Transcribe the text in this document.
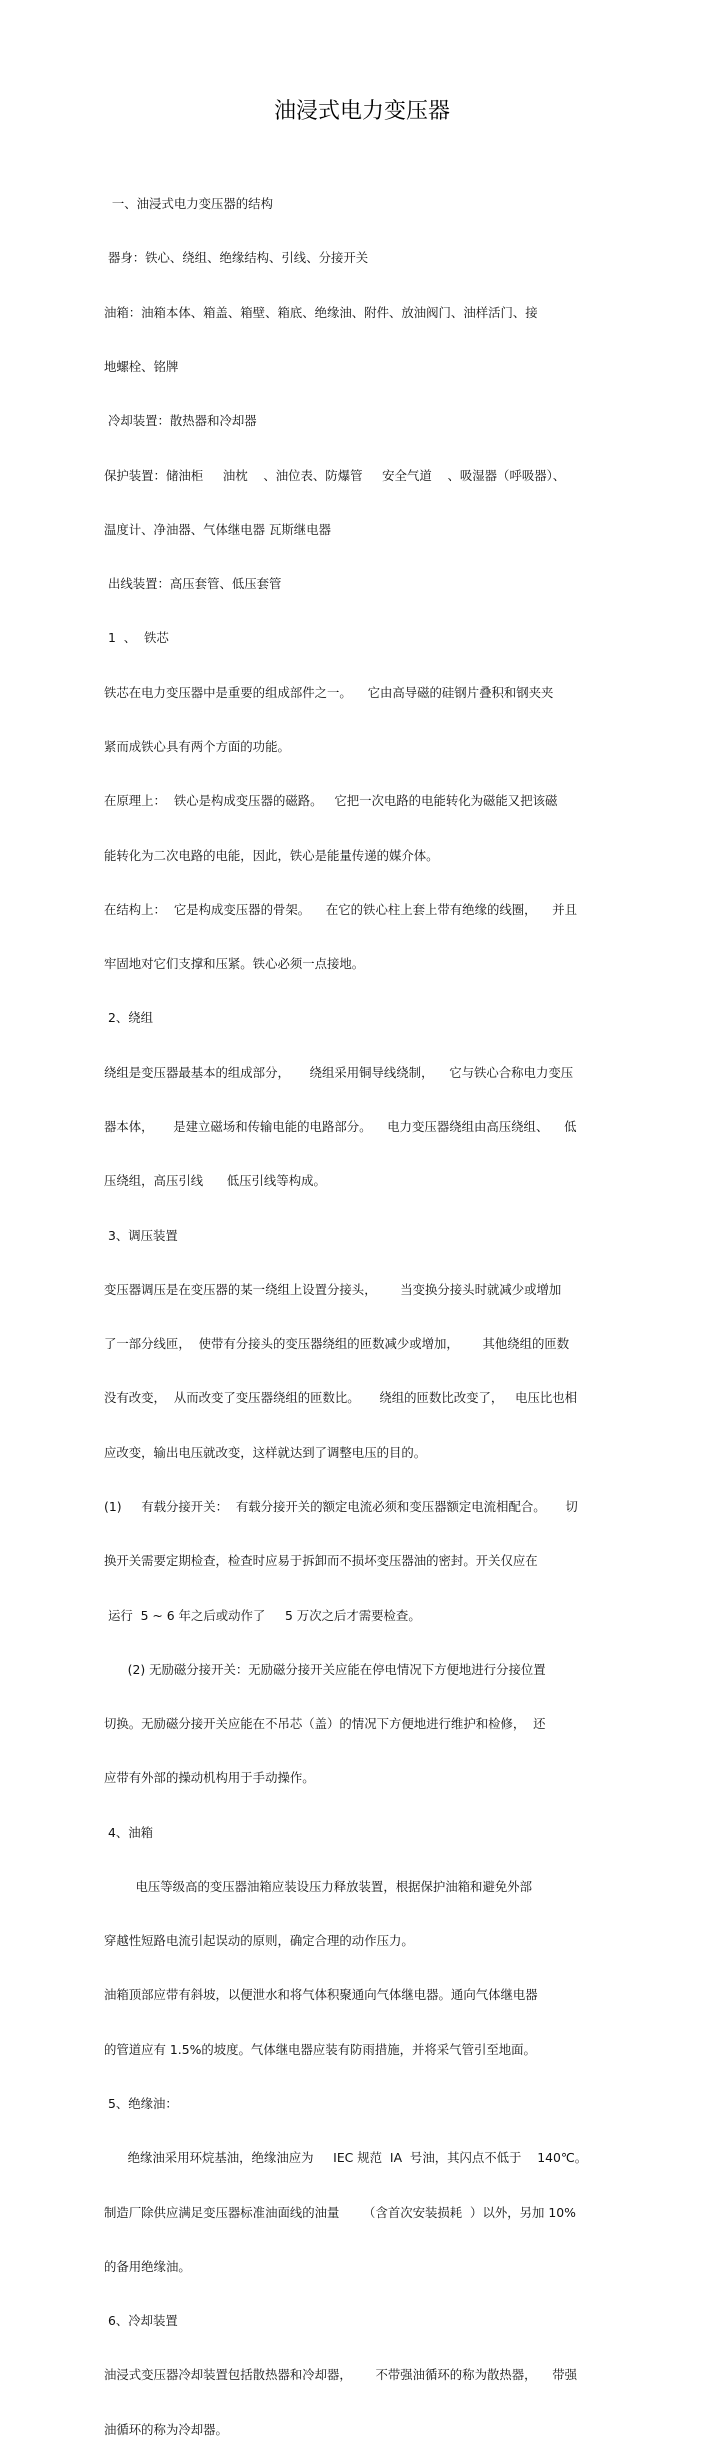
油浸式电力变压器

一、油浸式电力变压器的结构

器身：铁心、绕组、绝缘结构、引线、分接开关

油箱：油箱本体、箱盖、箱壁、箱底、绝缘油、附件、放油阀门、油样活门、接

地螺栓、铭牌

冷却装置：散热器和冷却器

保护装置：储油柜     油枕    、油位表、防爆管     安全气道    、吸湿器（呼吸器）、

温度计、净油器、气体继电器 瓦斯继电器

出线装置：高压套管、低压套管

1  、  铁芯

铁芯在电力变压器中是重要的组成部件之一。    它由高导磁的硅钢片叠积和钢夹夹

紧而成铁心具有两个方面的功能。

在原理上：  铁心是构成变压器的磁路。   它把一次电路的电能转化为磁能又把该磁

能转化为二次电路的电能，因此，铁心是能量传递的媒介体。

在结构上：  它是构成变压器的骨架。    在它的铁心柱上套上带有绝缘的线圈，    并且

牢固地对它们支撑和压紧。铁心必须一点接地。

2、绕组

绕组是变压器最基本的组成部分，     绕组采用铜导线绕制，    它与铁心合称电力变压

器本体，     是建立磁场和传输电能的电路部分。    电力变压器绕组由高压绕组、    低

压绕组，高压引线      低压引线等构成。

3、调压装置

变压器调压是在变压器的某一绕组上设置分接头，      当变换分接头时就减少或增加

了一部分线匝，  使带有分接头的变压器绕组的匝数减少或增加，      其他绕组的匝数

没有改变，  从而改变了变压器绕组的匝数比。     绕组的匝数比改变了，   电压比也相

应改变，输出电压就改变，这样就达到了调整电压的目的。

(1)     有载分接开关：  有载分接开关的额定电流必须和变压器额定电流相配合。     切

换开关需要定期检查，检查时应易于拆卸而不损坏变压器油的密封。开关仅应在

运行  5 ~ 6 年之后或动作了     5 万次之后才需要检查。

(2) 无励磁分接开关：无励磁分接开关应能在停电情况下方便地进行分接位置

切换。无励磁分接开关应能在不吊芯（盖）的情况下方便地进行维护和检修，  还

应带有外部的操动机构用于手动操作。

4、油箱

电压等级高的变压器油箱应装设压力释放装置，根据保护油箱和避免外部

穿越性短路电流引起误动的原则，确定合理的动作压力。

油箱顶部应带有斜坡，以便泄水和将气体积聚通向气体继电器。通向气体继电器

的管道应有 1.5%的坡度。气体继电器应装有防雨措施，并将采气管引至地面。

5、绝缘油：

绝缘油采用环烷基油，绝缘油应为     IEC 规范  IA  号油，其闪点不低于    140℃。

制造厂除供应满足变压器标准油面线的油量      （含首次安装损耗  ）以外，另加 10%

的备用绝缘油。

6、冷却装置

油浸式变压器冷却装置包括散热器和冷却器，      不带强油循环的称为散热器，    带强

油循环的称为冷却器。
